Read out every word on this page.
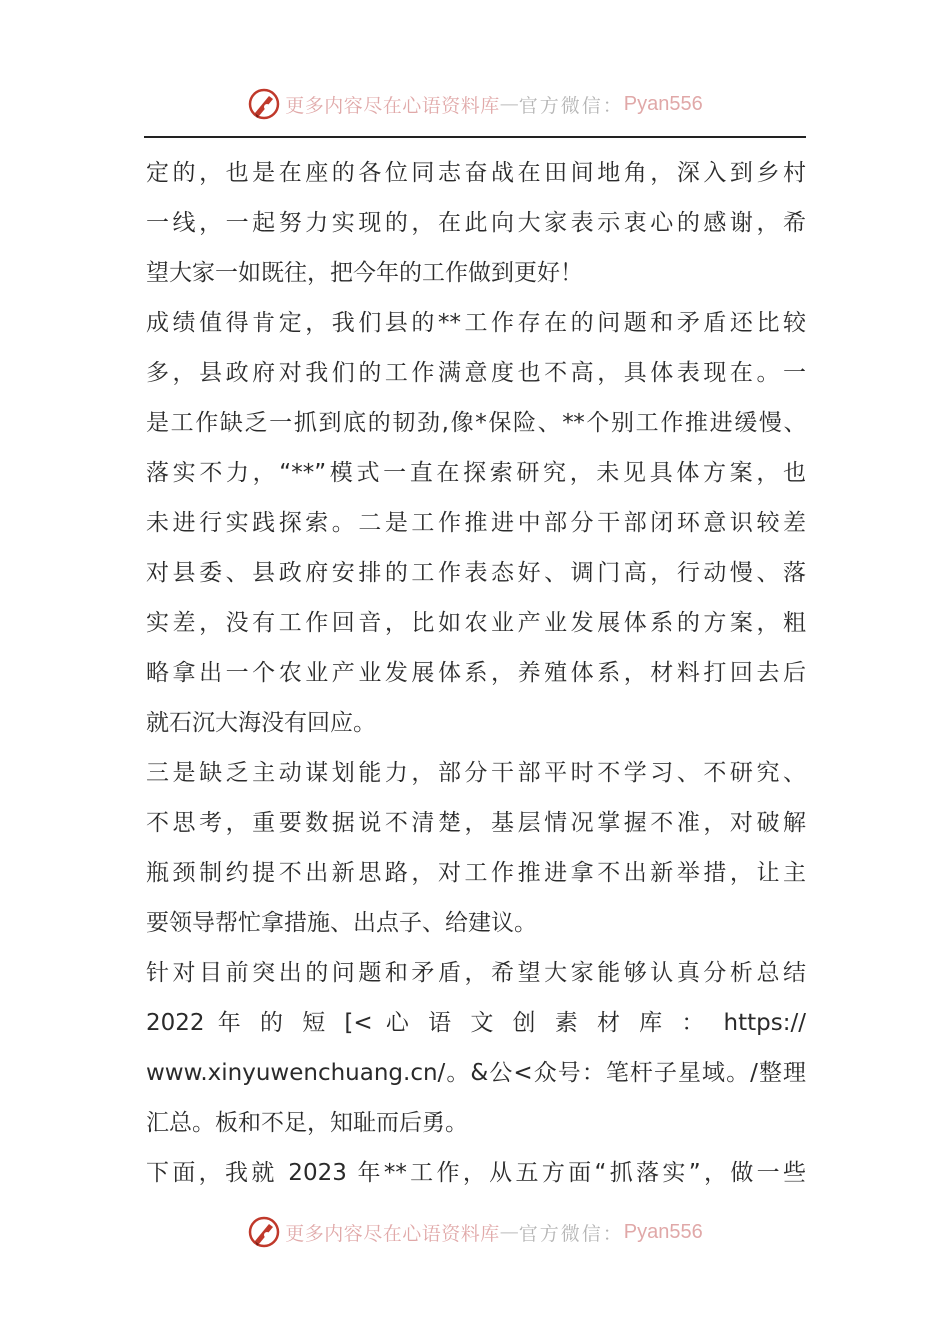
更多内容尽在心语资料库 — 官方微信： Pyan556
定的，也是在座的各位同志奋战在田间地角，深入到乡村
一线，一起努力实现的，在此向大家表示衷心的感谢，希
望大家一如既往，把今年的工作做到更好！
成绩值得肯定，我们县的**工作存在的问题和矛盾还比较
多，县政府对我们的工作满意度也不高，具体表现在。一
是工作缺乏一抓到底的韧劲,像*保险、**个别工作推进缓慢、
落实不力，“**”模式一直在探索研究，未见具体方案，也
未进行实践探索。二是工作推进中部分干部闭环意识较差
对县委、县政府安排的工作表态好、调门高，行动慢、落
实差，没有工作回音，比如农业产业发展体系的方案，粗
略拿出一个农业产业发展体系，养殖体系，材料打回去后
就石沉大海没有回应。
三是缺乏主动谋划能力，部分干部平时不学习、不研究、
不思考，重要数据说不清楚，基层情况掌握不准，对破解
瓶颈制约提不出新思路，对工作推进拿不出新举措，让主
要领导帮忙拿措施、出点子、给建议。
针对目前突出的问题和矛盾，希望大家能够认真分析总结
2022 年 的 短 [< 心 语 文 创 素 材 库 ： https://
www.xinyuwenchuang.cn/。&公<众号：笔杆子星域。/整理
汇总。板和不足，知耻而后勇。
下面，我就 2023 年**工作，从五方面“抓落实”，做一些
更多内容尽在心语资料库 — 官方微信： Pyan556
